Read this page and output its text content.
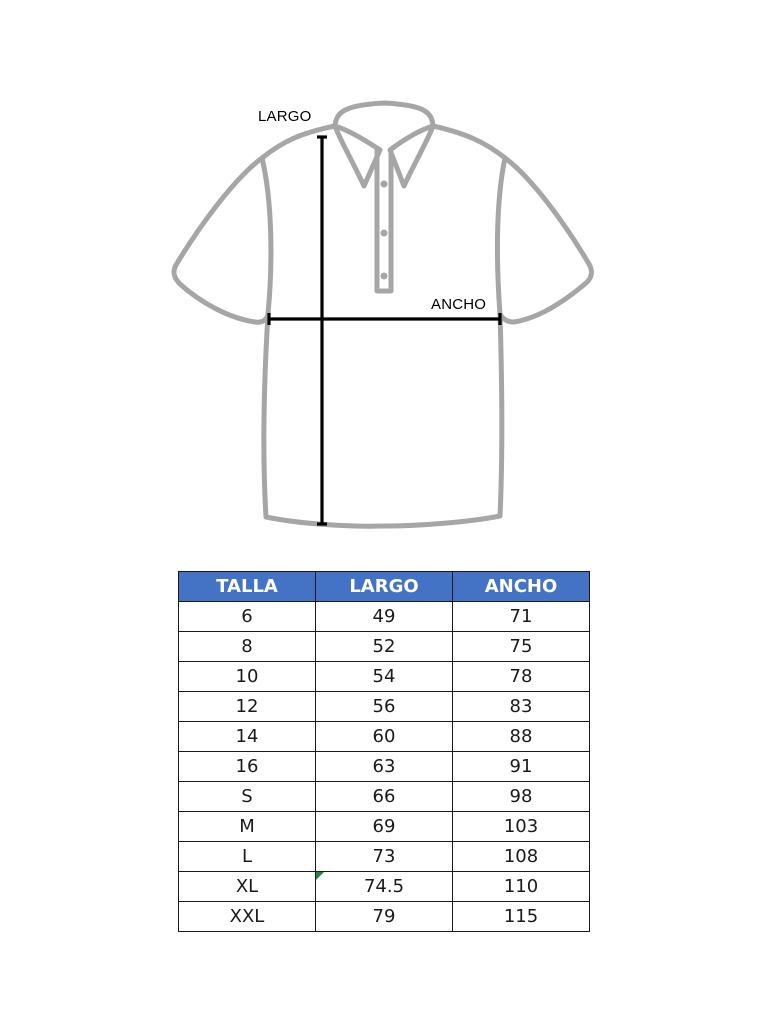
LARGO
ANCHO
TALLA	LARGO	ANCHO
6	49	71
8	52	75
10	54	78
12	56	83
14	60	88
16	63	91
S	66	98
M	69	103
L	73	108
XL	74.5	110
XXL	79	115
